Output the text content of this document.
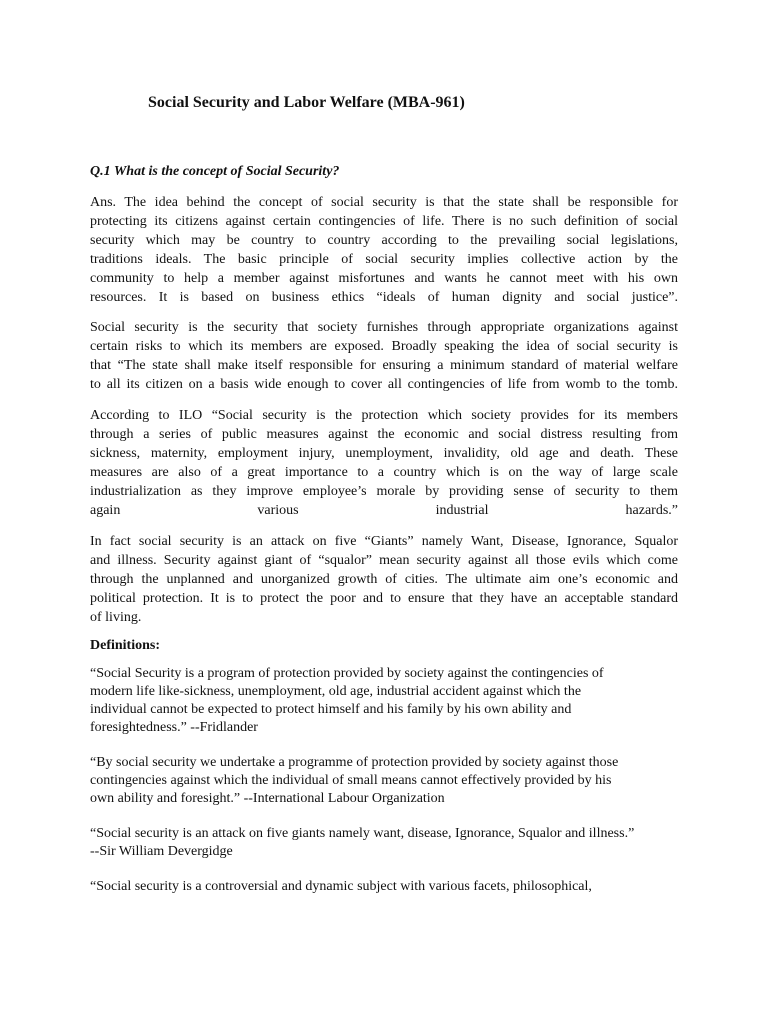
Social Security and Labor Welfare (MBA-961)

Q.1 What is the concept of Social Security?

Ans. The idea behind the concept of social security is that the state shall be responsible for
protecting its citizens against certain contingencies of life. There is no such definition of social
security which may be country to country according to the prevailing social legislations,
traditions ideals. The basic principle of social security implies collective action by the
community to help a member against misfortunes and wants he cannot meet with his own
resources. It is based on business ethics “ideals of human dignity and social justice”.
Social security is the security that society furnishes through appropriate organizations against
certain risks to which its members are exposed. Broadly speaking the idea of social security is
that “The state shall make itself responsible for ensuring a minimum standard of material welfare
to all its citizen on a basis wide enough to cover all contingencies of life from womb to the tomb.
According to ILO “Social security is the protection which society provides for its members
through a series of public measures against the economic and social distress resulting from
sickness, maternity, employment injury, unemployment, invalidity, old age and death. These
measures are also of a great importance to a country which is on the way of large scale
industrialization as they improve employee’s morale by providing sense of security to them
again various industrial hazards.”
In fact social security is an attack on five “Giants” namely Want, Disease, Ignorance, Squalor
and illness. Security against giant of “squalor” mean security against all those evils which come
through the unplanned and unorganized growth of cities. The ultimate aim one’s economic and
political protection. It is to protect the poor and to ensure that they have an acceptable standard
of living.

Definitions:

“Social Security is a program of protection provided by society against the contingencies of
modern life like-sickness, unemployment, old age, industrial accident against which the
individual cannot be expected to protect himself and his family by his own ability and
foresightedness.” --Fridlander
“By social security we undertake a programme of protection provided by society against those
contingencies against which the individual of small means cannot effectively provided by his
own ability and foresight.” --International Labour Organization
“Social security is an attack on five giants namely want, disease, Ignorance, Squalor and illness.”
--Sir William Devergidge
“Social security is a controversial and dynamic subject with various facets, philosophical,
